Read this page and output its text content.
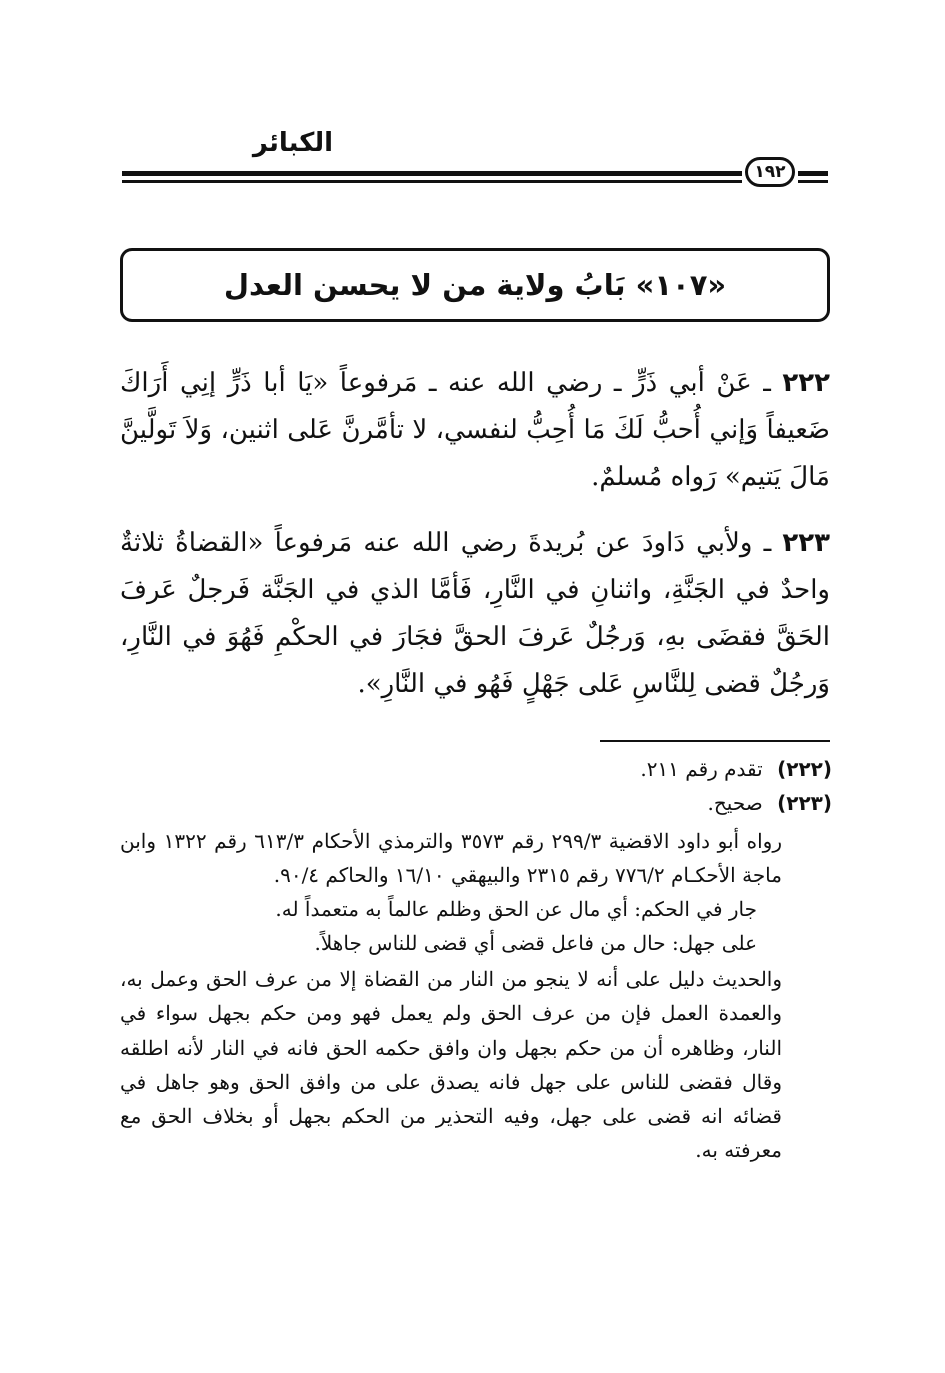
الكبائر
١٩٢
«١٠٧» بَابُ ولاية من لا يحسن العدل
٢٢٢ ـ عَنْ أبي ذَرٍّ ـ رضي الله عنه ـ مَرفوعاً «يَا أبا ذَرٍّ إنِي أَرَاكَ ضَعيفاً وَإني أُحبُّ لَكَ مَا أُحِبُّ لنفسي، لا تأمَّرنَّ عَلى اثنين، وَلاَ تَولَّينَّ مَالَ يَتيم» رَواه مُسلمٌ.
٢٢٣ ـ ولأبي دَاودَ عن بُريدةَ رضي الله عنه مَرفوعاً «القضاةُ ثلاثةٌ واحدٌ في الجَنَّةِ، واثنانِ في النَّارِ، فَأمَّا الذي في الجَنَّة فَرجلٌ عَرفَ الحَقَّ فقضَى بهِ، وَرجُلٌ عَرفَ الحقَّ فجَارَ في الحكْمِ فَهُوَ في النَّارِ، وَرجُلٌ قضى لِلنَّاسِ عَلى جَهْلٍ فَهُو في النَّارِ».

(٢٢٢) تقدم رقم ٢١١.

(٢٢٣) صحيح.

رواه أبو داود الاقضية ٢٩٩/٣ رقم ٣٥٧٣ والترمذي الأحكام ٦١٣/٣ رقم ١٣٢٢ وابن ماجة الأحكـام ٧٧٦/٢ رقم ٢٣١٥ والبيهقي ١٦/١٠ والحاكم ٩٠/٤.

جار في الحكم: أي مال عن الحق وظلم عالماً به متعمداً له.

على جهل: حال من فاعل قضى أي قضى للناس جاهلاً.

والحديث دليل على أنه لا ينجو من النار من القضاة إلا من عرف الحق وعمل به، والعمدة العمل فإن من عرف الحق ولم يعمل فهو ومن حكم بجهل سواء في النار، وظاهره أن من حكم بجهل وان وافق حكمه الحق فانه في النار لأنه اطلقه وقال فقضى للناس على جهل فانه يصدق على من وافق الحق وهو جاهل في قضائه انه قضى على جهل، وفيه التحذير من الحكم بجهل أو بخلاف الحق مع معرفته به.
